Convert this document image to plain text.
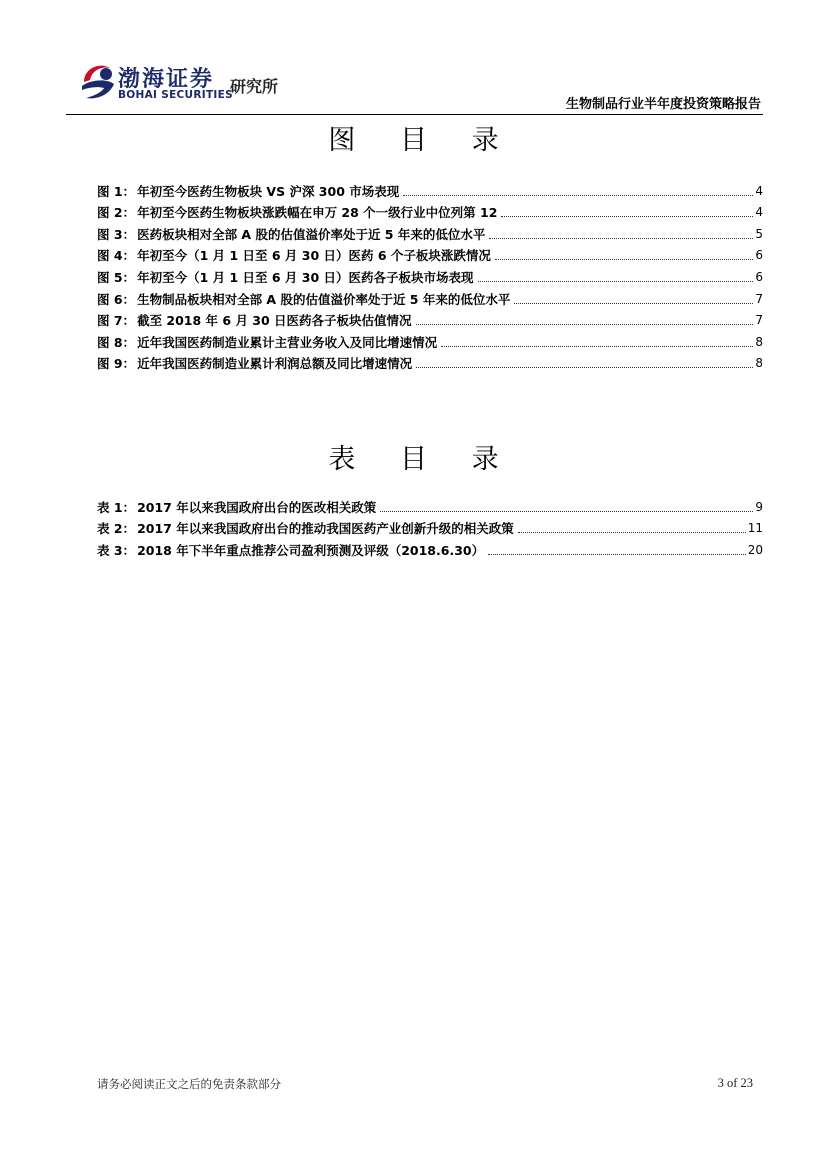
渤海证券
BOHAI SECURITIES
研究所
生物制品行业半年度投资策略报告
图 目 录
图 1： 年初至今医药生物板块 VS 沪深 300 市场表现	4
图 2： 年初至今医药生物板块涨跌幅在申万 28 个一级行业中位列第 12	4
图 3： 医药板块相对全部 A 股的估值溢价率处于近 5 年来的低位水平	5
图 4： 年初至今（1 月 1 日至 6 月 30 日）医药 6 个子板块涨跌情况	6
图 5： 年初至今（1 月 1 日至 6 月 30 日）医药各子板块市场表现	6
图 6： 生物制品板块相对全部 A 股的估值溢价率处于近 5 年来的低位水平	7
图 7： 截至 2018 年 6 月 30 日医药各子板块估值情况	7
图 8： 近年我国医药制造业累计主营业务收入及同比增速情况	8
图 9： 近年我国医药制造业累计利润总额及同比增速情况	8
表 目 录
表 1： 2017 年以来我国政府出台的医改相关政策	9
表 2： 2017 年以来我国政府出台的推动我国医药产业创新升级的相关政策	11
表 3： 2018 年下半年重点推荐公司盈利预测及评级（2018.6.30）	20
请务必阅读正文之后的免责条款部分	3 of 23
